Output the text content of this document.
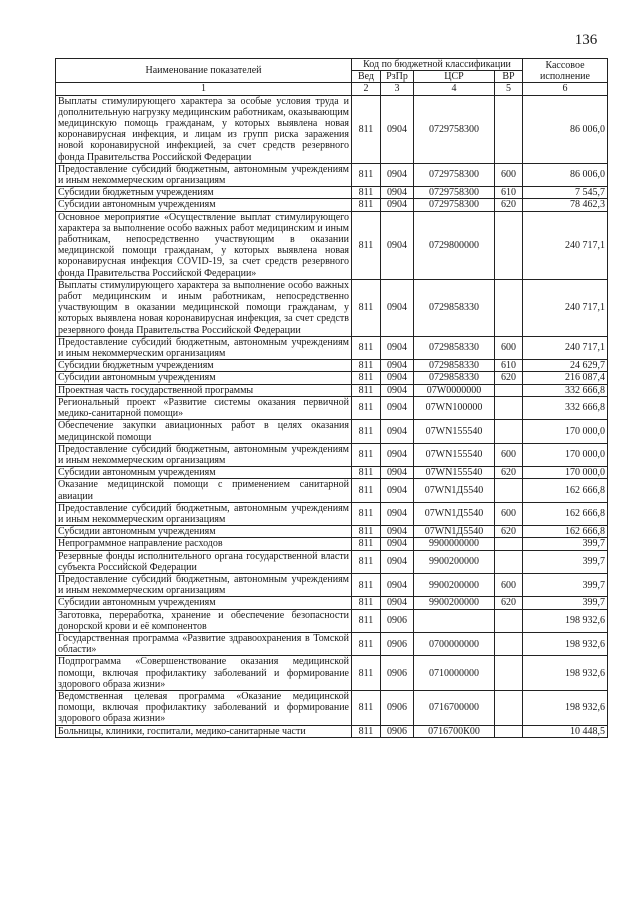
136
Наименование показателей	Код по бюджетной классификации				Кассовое исполнение
	Вед	РзПр	ЦСР	ВР	
1	2	3	4	5	6
Выплаты стимулирующего характера за особые условия труда и дополнительную нагрузку медицинским работникам, оказывающим медицинскую помощь гражданам, у которых выявлена новая коронавирусная инфекция, и лицам из групп риска заражения новой коронавирусной инфекцией, за счет средств резервного фонда Правительства Российской Федерации	811	0904	0729758300		86 006,0
Предоставление субсидий бюджетным, автономным учреждениям и иным некоммерческим организациям	811	0904	0729758300	600	86 006,0
Субсидии бюджетным учреждениям	811	0904	0729758300	610	7 545,7
Субсидии автономным учреждениям	811	0904	0729758300	620	78 462,3
Основное мероприятие «Осуществление выплат стимулирующего характера за выполнение особо важных работ медицинским и иным работникам, непосредственно участвующим в оказании медицинской помощи гражданам, у которых выявлена новая коронавирусная инфекция COVID-19, за счет средств резервного фонда Правительства Российской Федерации»	811	0904	0729800000		240 717,1
Выплаты стимулирующего характера за выполнение особо важных работ медицинским и иным работникам, непосредственно участвующим в оказании медицинской помощи гражданам, у которых выявлена новая коронавирусная инфекция, за счет средств резервного фонда Правительства Российской Федерации	811	0904	0729858330		240 717,1
Предоставление субсидий бюджетным, автономным учреждениям и иным некоммерческим организациям	811	0904	0729858330	600	240 717,1
Субсидии бюджетным учреждениям	811	0904	0729858330	610	24 629,7
Субсидии автономным учреждениям	811	0904	0729858330	620	216 087,4
Проектная часть государственной программы	811	0904	07W0000000		332 666,8
Региональный проект «Развитие системы оказания первичной медико-санитарной помощи»	811	0904	07WN100000		332 666,8
Обеспечение закупки авиационных работ в целях оказания медицинской помощи	811	0904	07WN155540		170 000,0
Предоставление субсидий бюджетным, автономным учреждениям и иным некоммерческим организациям	811	0904	07WN155540	600	170 000,0
Субсидии автономным учреждениям	811	0904	07WN155540	620	170 000,0
Оказание медицинской помощи с применением санитарной авиации	811	0904	07WN1Д5540		162 666,8
Предоставление субсидий бюджетным, автономным учреждениям и иным некоммерческим организациям	811	0904	07WN1Д5540	600	162 666,8
Субсидии автономным учреждениям	811	0904	07WN1Д5540	620	162 666,8
Непрограммное направление расходов	811	0904	9900000000		399,7
Резервные фонды исполнительного органа государственной власти субъекта Российской Федерации	811	0904	9900200000		399,7
Предоставление субсидий бюджетным, автономным учреждениям и иным некоммерческим организациям	811	0904	9900200000	600	399,7
Субсидии автономным учреждениям	811	0904	9900200000	620	399,7
Заготовка, переработка, хранение и обеспечение безопасности донорской крови и её компонентов	811	0906			198 932,6
Государственная программа «Развитие здравоохранения в Томской области»	811	0906	0700000000		198 932,6
Подпрограмма «Совершенствование оказания медицинской помощи, включая профилактику заболеваний и формирование здорового образа жизни»	811	0906	0710000000		198 932,6
Ведомственная целевая программа «Оказание медицинской помощи, включая профилактику заболеваний и формирование здорового образа жизни»	811	0906	0716700000		198 932,6
Больницы, клиники, госпитали, медико-санитарные части	811	0906	0716700К00		10 448,5
